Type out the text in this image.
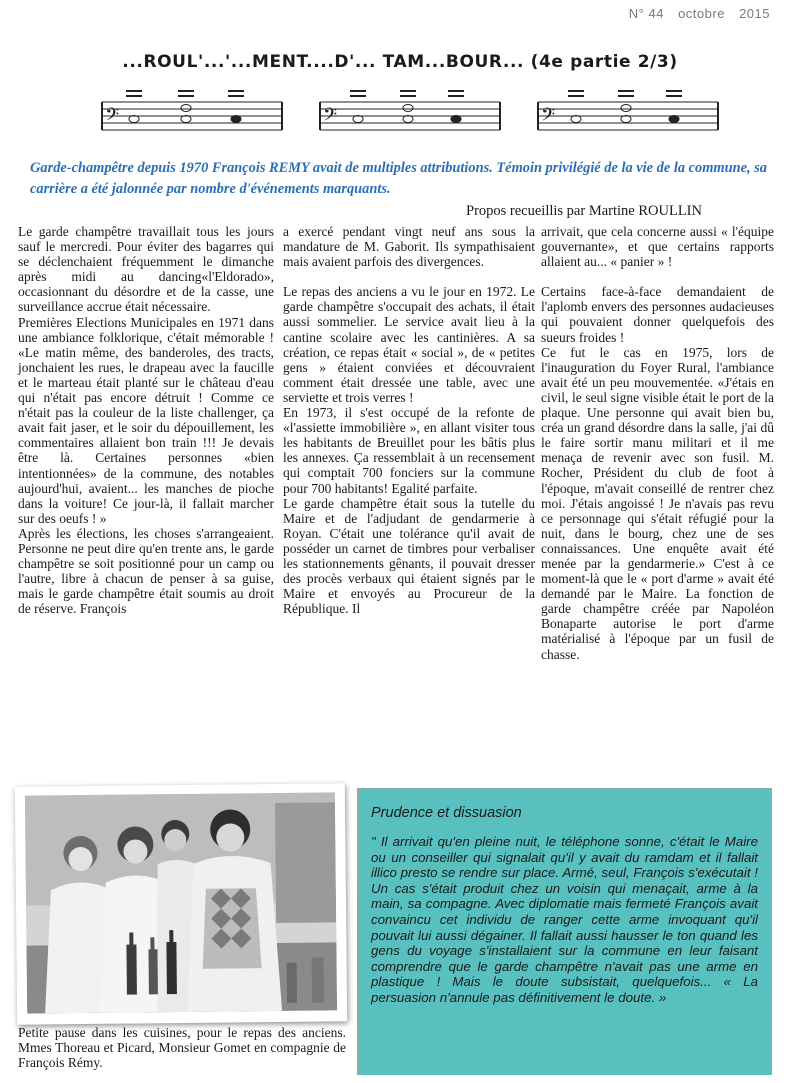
N° 44 octobre 2015
...ROUL'...'...MENT....D'... TAM...BOUR... (4e partie 2/3)
𝄢	𝄢	𝄢

Garde-champêtre depuis 1970 François REMY avait de multiples attributions. Témoin privilégié de la vie de la commune, sa carrière a été jalonnée par nombre d'événements marquants.

Propos recueillis par Martine ROULLIN

Le garde champêtre travaillait tous les jours sauf le mercredi. Pour éviter des bagarres qui se déclenchaient fréquemment le dimanche après midi au dancing«l'Eldorado», occasionnant du désordre et de la casse, une surveillance accrue était nécessaire.

Premières Elections Municipales en 1971 dans une ambiance folklorique, c'était mémorable ! «Le matin même, des banderoles, des tracts, jonchaient les rues, le drapeau avec la faucille et le marteau était planté sur le château d'eau qui n'était pas encore détruit ! Comme ce n'était pas la couleur de la liste challenger, ça avait fait jaser, et le soir du dépouillement, les commentaires allaient bon train !!! Je devais être là. Certaines personnes «bien intentionnées» de la commune, des notables aujourd'hui, avaient... les manches de pioche dans la voiture! Ce jour-là, il fallait marcher sur des oeufs ! »

Après les élections, les choses s'arrangeaient. Personne ne peut dire qu'en trente ans, le garde champêtre se soit positionné pour un camp ou l'autre, libre à chacun de penser à sa guise, mais le garde champêtre était soumis au droit de réserve. François

a exercé pendant vingt neuf ans sous la mandature de M. Gaborit. Ils sympathisaient mais avaient parfois des divergences.

Le repas des anciens a vu le jour en 1972. Le garde champêtre s'occupait des achats, il était aussi sommelier. Le service avait lieu à la cantine scolaire avec les cantinières. A sa création, ce repas était « social », de « petites gens » étaient conviées et découvraient comment était dressée une table, avec une serviette et trois verres !

En 1973, il s'est occupé de la refonte de «l'assiette immobilière », en allant visiter tous les habitants de Breuillet pour les bâtis plus les annexes. Ça ressemblait à un recensement qui comptait 700 fonciers sur la commune pour 700 habitants! Egalité parfaite.

Le garde champêtre était sous la tutelle du Maire et de l'adjudant de gendarmerie à Royan. C'était une tolérance qu'il avait de posséder un carnet de timbres pour verbaliser les stationnements gênants, il pouvait dresser des procès verbaux qui étaient signés par le Maire et envoyés au Procureur de la République. Il

arrivait, que cela concerne aussi « l'équipe gouvernante», et que certains rapports allaient au... « panier » !

Certains face-à-face demandaient de l'aplomb envers des personnes audacieuses qui pouvaient donner quelquefois des sueurs froides !

Ce fut le cas en 1975, lors de l'inauguration du Foyer Rural, l'ambiance avait été un peu mouvementée. «J'étais en civil, le seul signe visible était le port de la plaque. Une personne qui avait bien bu, créa un grand désordre dans la salle, j'ai dû le faire sortir manu militari et il me menaça de revenir avec son fusil. M. Rocher, Président du club de foot à l'époque, m'avait conseillé de rentrer chez moi. J'étais angoissé ! Je n'avais pas revu ce personnage qui s'était réfugié pour la nuit, dans le bourg, chez une de ses connaissances. Une enquête avait été menée par la gendarmerie.» C'est à ce moment-là que le « port d'arme » avait été demandé par le Maire. La fonction de garde champêtre créée par Napoléon Bonaparte autorise le port d'arme matérialisé à l'époque par un fusil de chasse.

Petite pause dans les cuisines, pour le repas des anciens. Mmes Thoreau et Picard, Monsieur Gomet en compagnie de François Rémy.

Prudence et dissuasion

" Il arrivait qu'en pleine nuit, le téléphone sonne, c'était le Maire ou un conseiller qui signalait qu'il y avait du ramdam et il fallait illico presto se rendre sur place. Armé, seul, François s'exécutait ! Un cas s'était produit chez un voisin qui menaçait, arme à la main, sa compagne. Avec diplomatie mais fermeté François avait convaincu cet individu de ranger cette arme invoquant qu'il pouvait lui aussi dégainer. Il fallait aussi hausser le ton quand les gens du voyage s'installaient sur la commune en leur faisant comprendre que le garde champêtre n'avait pas une arme en plastique ! Mais le doute subsistait, quelquefois... « La persuasion n'annule pas définitivement le doute. »
